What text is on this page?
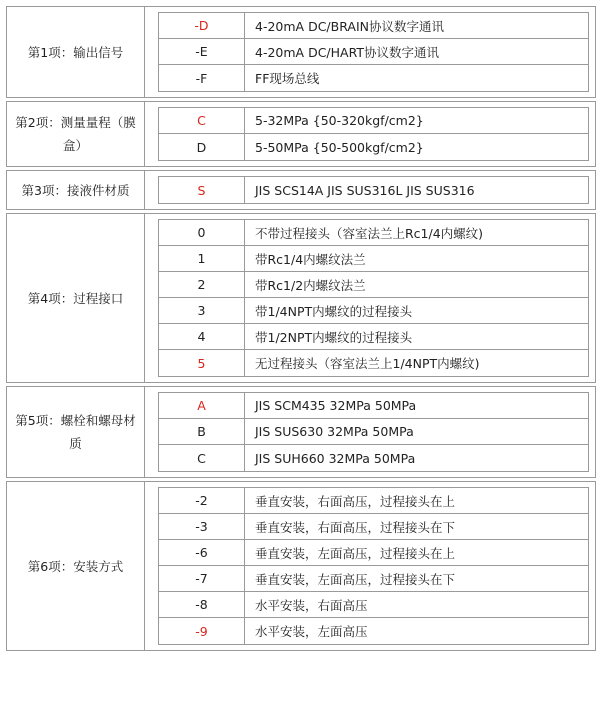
第1项：输出信号
-D	4-20mA DC/BRAIN协议数字通讯
-E	4-20mA DC/HART协议数字通讯
-F	FF现场总线
第2项：测量量程（膜盒）
C	5-32MPa {50-320kgf/cm2}
D	5-50MPa {50-500kgf/cm2}
第3项：接液件材质	S	JIS SCS14A JIS SUS316L JIS SUS316
第4项：过程接口
0	不带过程接头（容室法兰上Rc1/4内螺纹)
1	带Rc1/4内螺纹法兰
2	带Rc1/2内螺纹法兰
3	带1/4NPT内螺纹的过程接头
4	带1/2NPT内螺纹的过程接头
5	无过程接头（容室法兰上1/4NPT内螺纹)
第5项：螺栓和螺母材质
A	JIS SCM435 32MPa 50MPa
B	JIS SUS630 32MPa 50MPa
C	JIS SUH660 32MPa 50MPa
第6项：安装方式
-2	垂直安装，右面高压，过程接头在上
-3	垂直安装，右面高压，过程接头在下
-6	垂直安装，左面高压，过程接头在上
-7	垂直安装，左面高压，过程接头在下
-8	水平安装，右面高压
-9	水平安装，左面高压
